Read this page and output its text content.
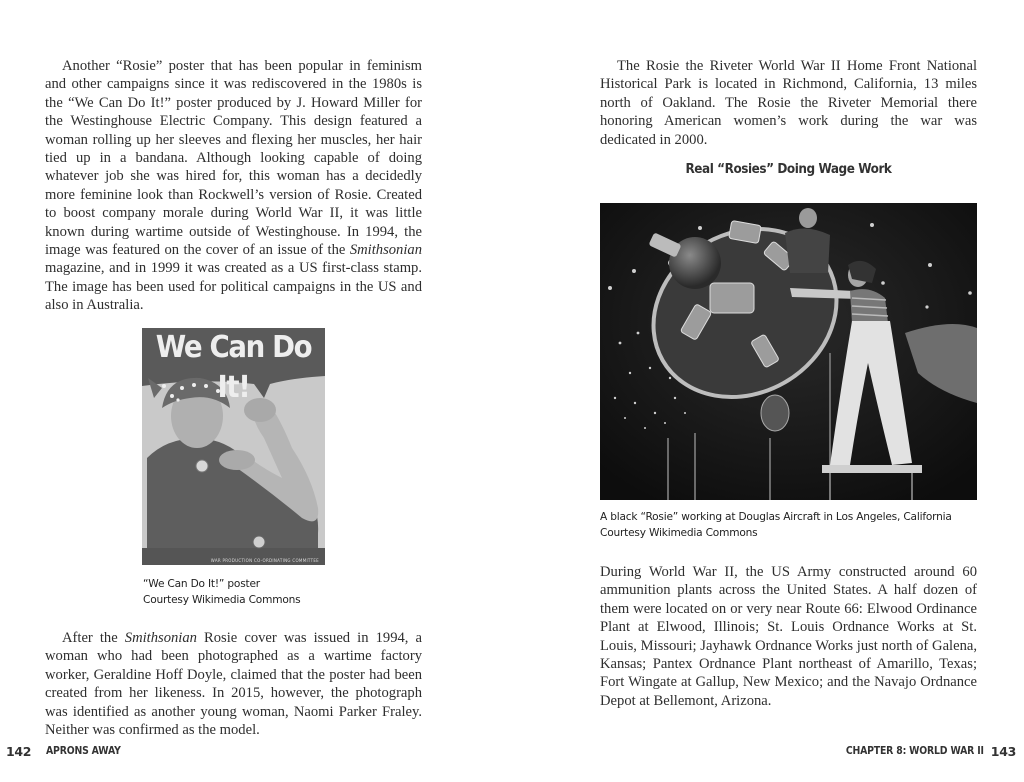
Another “Rosie” poster that has been popular in feminism and other campaigns since it was rediscovered in the 1980s is the “We Can Do It!” poster produced by J. Howard Miller for the Westinghouse Electric Company. This design featured a woman rolling up her sleeves and flexing her muscles, her hair tied up in a bandana. Although looking capable of doing whatever job she was hired for, this woman has a decidedly more feminine look than Rockwell’s version of Rosie. Created to boost company morale during World War II, it was little known during wartime outside of Westinghouse. In 1994, the image was featured on the cover of an issue of the Smithsonian magazine, and in 1999 it was created as a US first-class stamp. The image has been used for political campaigns in the US and also in Australia.

We Can Do It!
WAR PRODUCTION CO-ORDINATING COMMITTEE
“We Can Do It!” poster
Courtesy Wikimedia Commons

After the Smithsonian Rosie cover was issued in 1994, a woman who had been photographed as a wartime factory worker, Geraldine Hoff Doyle, claimed that the poster had been created from her likeness. In 2015, however, the photograph was identified as another young woman, Naomi Parker Fraley. Neither was confirmed as the model.

142 APRONS AWAY

The Rosie the Riveter World War II Home Front National Historical Park is located in Richmond, California, 13 miles north of Oakland. The Rosie the Riveter Memorial there honoring American women’s work during the war was dedicated in 2000.

Real “Rosies” Doing Wage Work
A black “Rosie” working at Douglas Aircraft in Los Angeles, California
Courtesy Wikimedia Commons

During World War II, the US Army constructed around 60 ammunition plants across the United States. A half dozen of them were located on or very near Route 66: Elwood Ordinance Plant at Elwood, Illinois; St. Louis Ordnance Works at St. Louis, Missouri; Jayhawk Ordnance Works just north of Galena, Kansas; Pantex Ordnance Plant northeast of Amarillo, Texas; Fort Wingate at Gallup, New Mexico; and the Navajo Ordnance Depot at Bellemont, Arizona.

CHAPTER 8: WORLD WAR II 143
